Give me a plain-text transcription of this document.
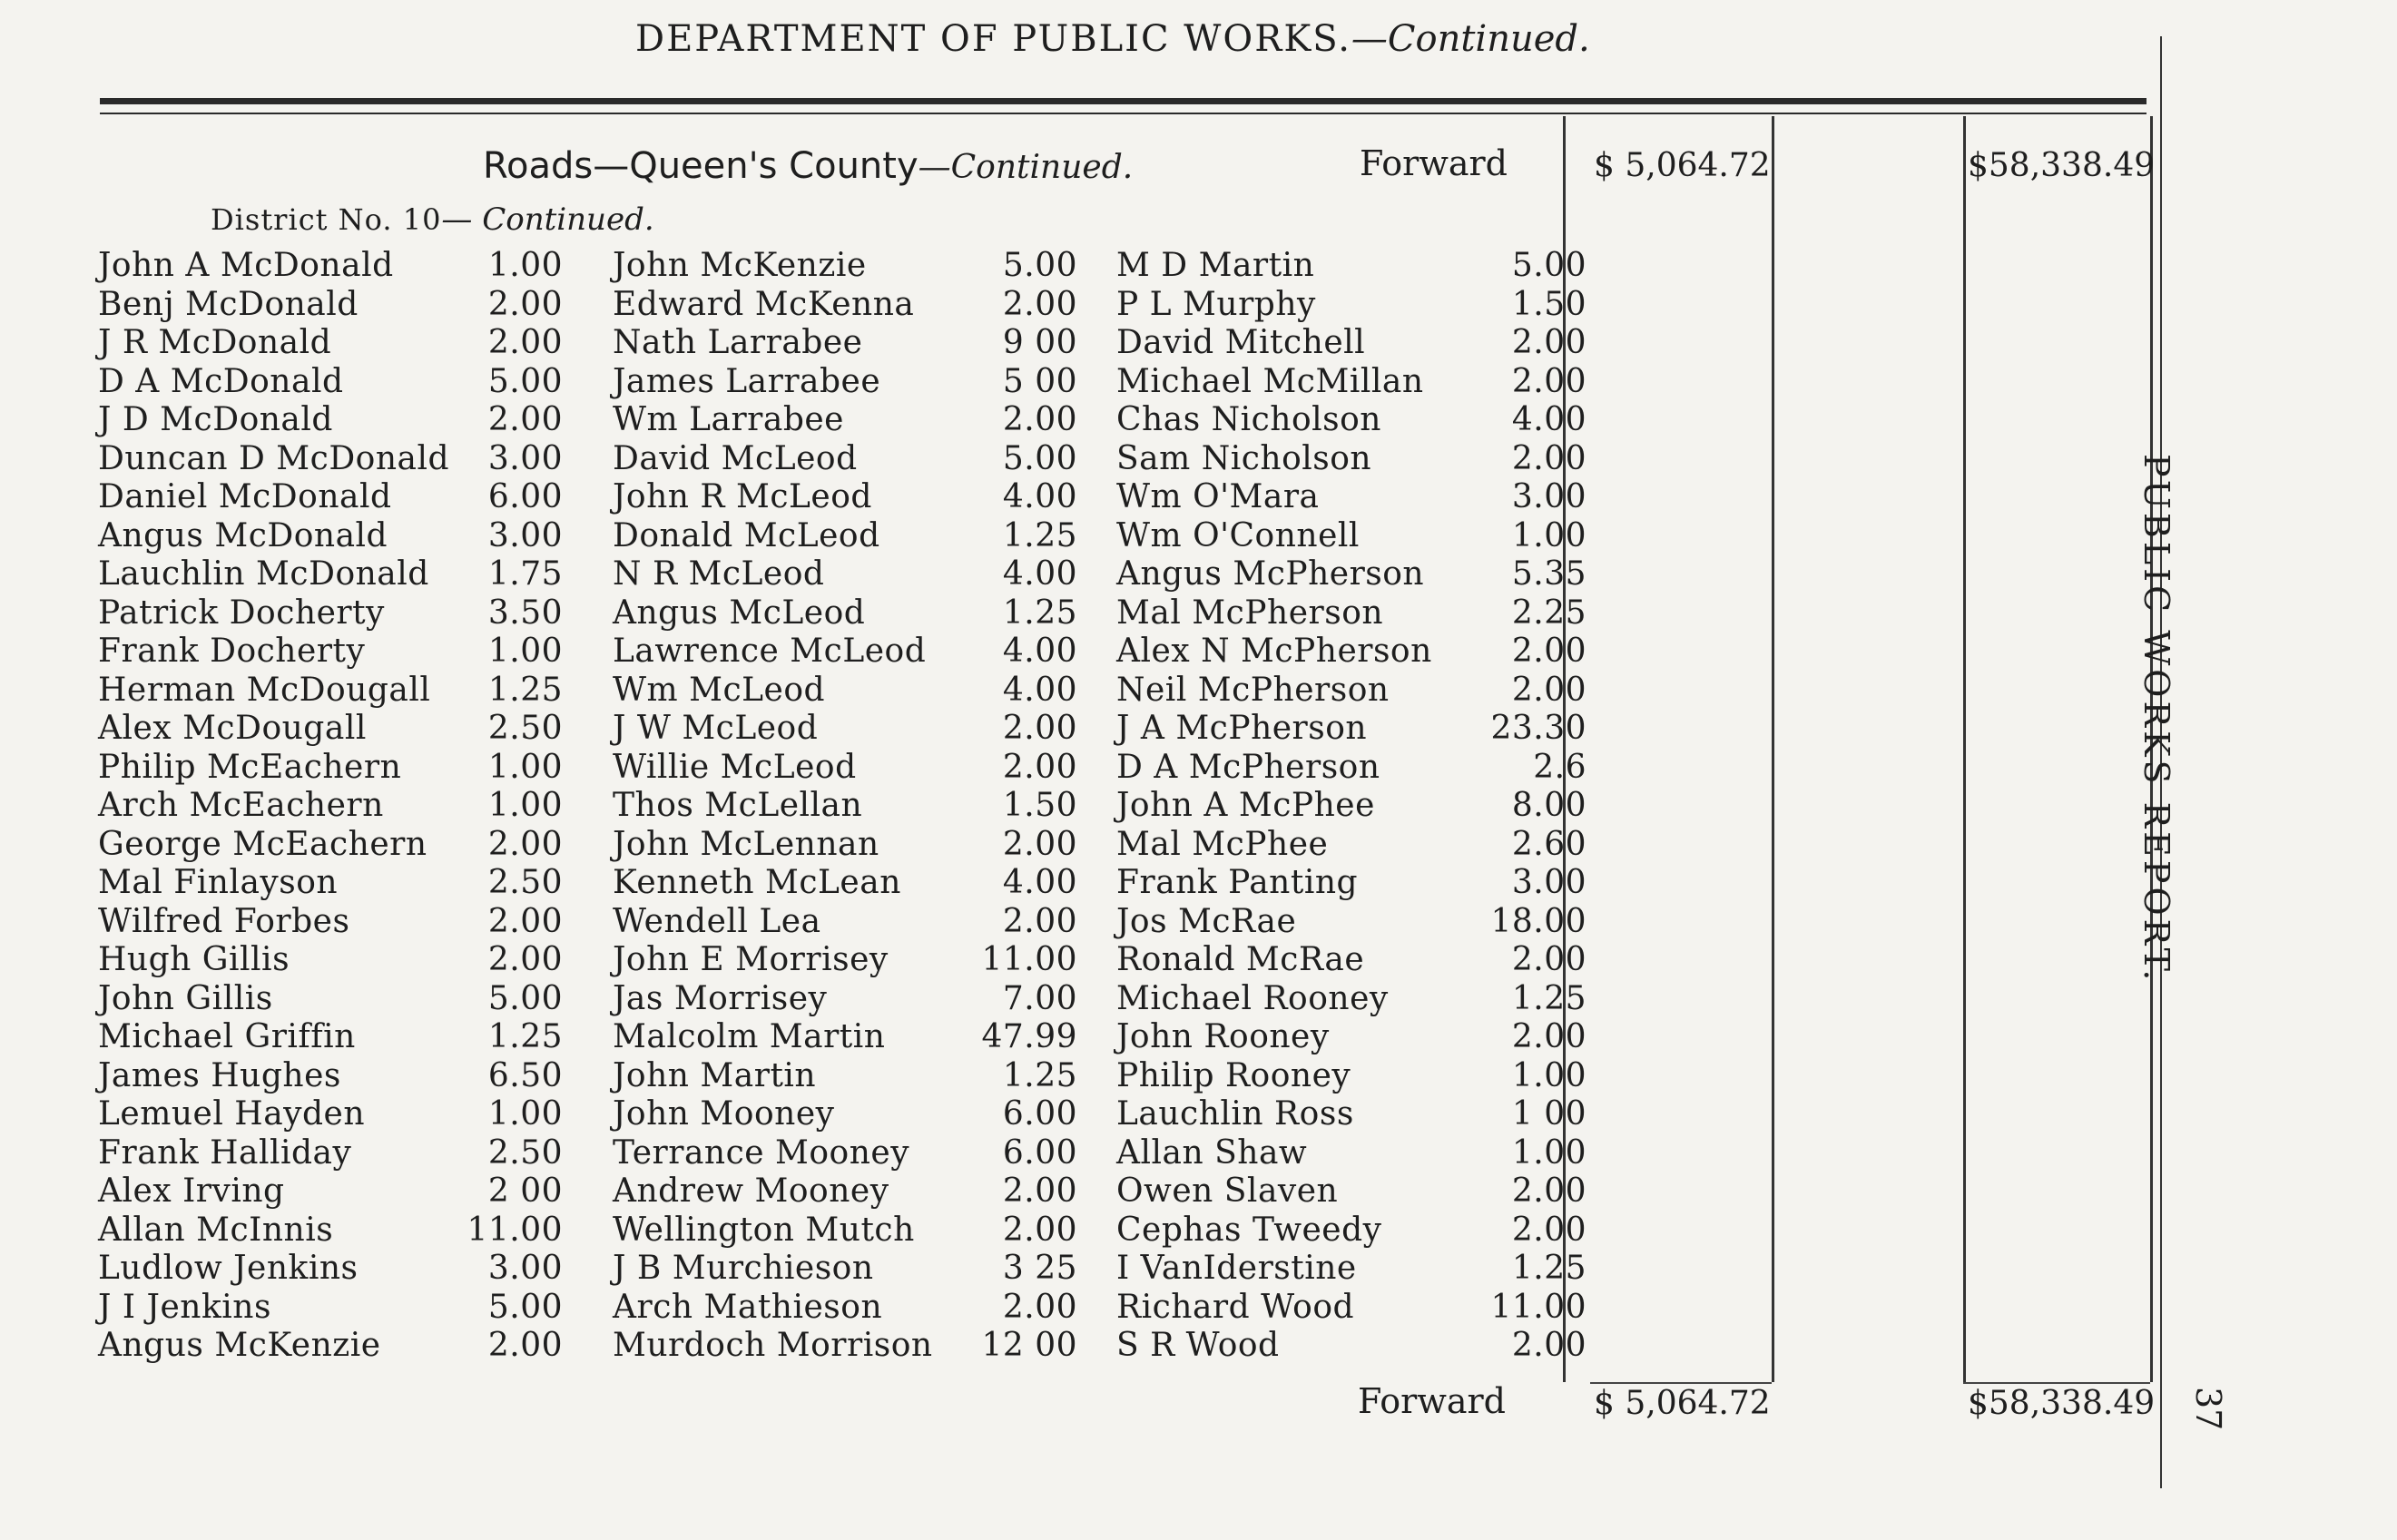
DEPARTMENT OF PUBLIC WORKS.—Continued.
Roads—Queen's County—Continued.	Forward	$ 5,064.72	$58,338.49
District No. 10— Continued.
John A McDonald	1.00
Benj McDonald	2.00
J R McDonald	2.00
D A McDonald	5.00
J D McDonald	2.00
Duncan D McDonald 3.00
Daniel McDonald	6.00
Angus McDonald	3.00
Lauchlin McDonald 1.75
Patrick Docherty	3.50
Frank Docherty	1.00
Herman McDougall 1.25
Alex McDougall	2.50
Philip McEachern	1.00
Arch McEachern	1.00
George McEachern 2.00
Mal Finlayson	2.50
Wilfred Forbes	2.00
Hugh Gillis	2.00
John Gillis	5.00
Michael Griffin	1.25
James Hughes	6.50
Lemuel Hayden	1.00
Frank Halliday	2.50
Alex Irving	2 00
Allan McInnis	11.00
Ludlow Jenkins	3.00
J I Jenkins	5.00
Angus McKenzie	2.00
John McKenzie	5.00
Edward McKenna	2.00
Nath Larrabee	9 00
James Larrabee	5 00
Wm Larrabee	2.00
David McLeod	5.00
John R McLeod	4.00
Donald McLeod	1.25
N R McLeod	4.00
Angus McLeod	1.25
Lawrence McLeod 4.00
Wm McLeod	4.00
J W McLeod	2.00
Willie McLeod	2.00
Thos McLellan	1.50
John McLennan	2.00
Kenneth McLean	4.00
Wendell Lea	2.00
John E Morrisey	11.00
Jas Morrisey	7.00
Malcolm Martin	47.99
John Martin	1.25
John Mooney	6.00
Terrance Mooney	6.00
Andrew Mooney	2.00
Wellington Mutch	2.00
J B Murchieson	3 25
Arch Mathieson	2.00
Murdoch Morrison 12 00
M D Martin	5.00
P L Murphy	1.50
David Mitchell	2.00
Michael McMillan	2.00
Chas Nicholson	4.00
Sam Nicholson	2.00
Wm O'Mara	3.00
Wm O'Connell	1.00
Angus McPherson	5.35
Mal McPherson	2.25
Alex N McPherson 2.00
Neil McPherson	2.00
J A McPherson	23.30
D A McPherson	2.6
John A McPhee	8.00
Mal McPhee	2.60
Frank Panting	3.00
Jos McRae	18.00
Ronald McRae	2.00
Michael Rooney	1.25
John Rooney	2.00
Philip Rooney	1.00
Lauchlin Ross	1 00
Allan Shaw	1.00
Owen Slaven	2.00
Cephas Tweedy	2.00
I VanIderstine	1.25
Richard Wood	11.00
S R Wood	2.00
Forward	$ 5,064.72	$58,338.49
PUBLIC WORKS REPORT.
37
